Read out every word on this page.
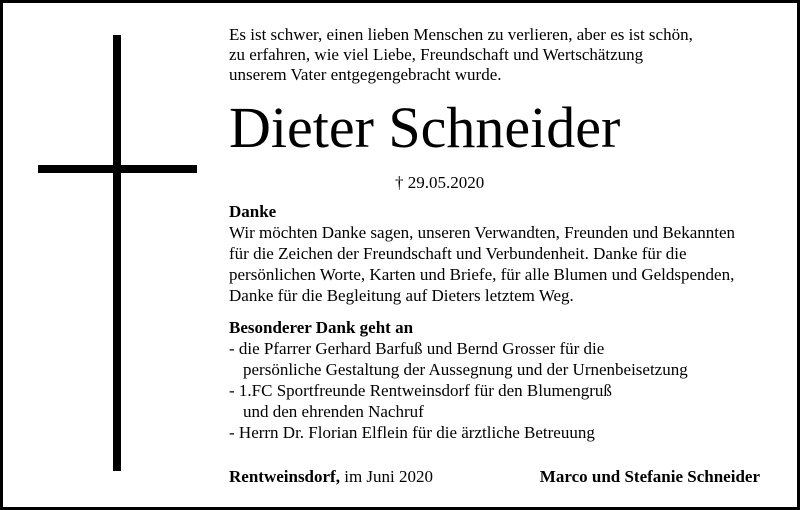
Es ist schwer, einen lieben Menschen zu verlieren, aber es ist schön,
zu erfahren, wie viel Liebe, Freundschaft und Wertschätzung
unserem Vater entgegengebracht wurde.
Dieter Schneider
† 29.05.2020
Danke
Wir möchten Danke sagen, unseren Verwandten, Freunden und Bekannten
für die Zeichen der Freundschaft und Verbundenheit. Danke für die
persönlichen Worte, Karten und Briefe, für alle Blumen und Geldspenden,
Danke für die Begleitung auf Dieters letztem Weg.
Besonderer Dank geht an
- die Pfarrer Gerhard Barfuß und Bernd Grosser für die
persönliche Gestaltung der Aussegnung und der Urnenbeisetzung
- 1.FC Sportfreunde Rentweinsdorf für den Blumengruß
und den ehrenden Nachruf
- Herrn Dr. Florian Elflein für die ärztliche Betreuung
Rentweinsdorf, im Juni 2020	Marco und Stefanie Schneider
